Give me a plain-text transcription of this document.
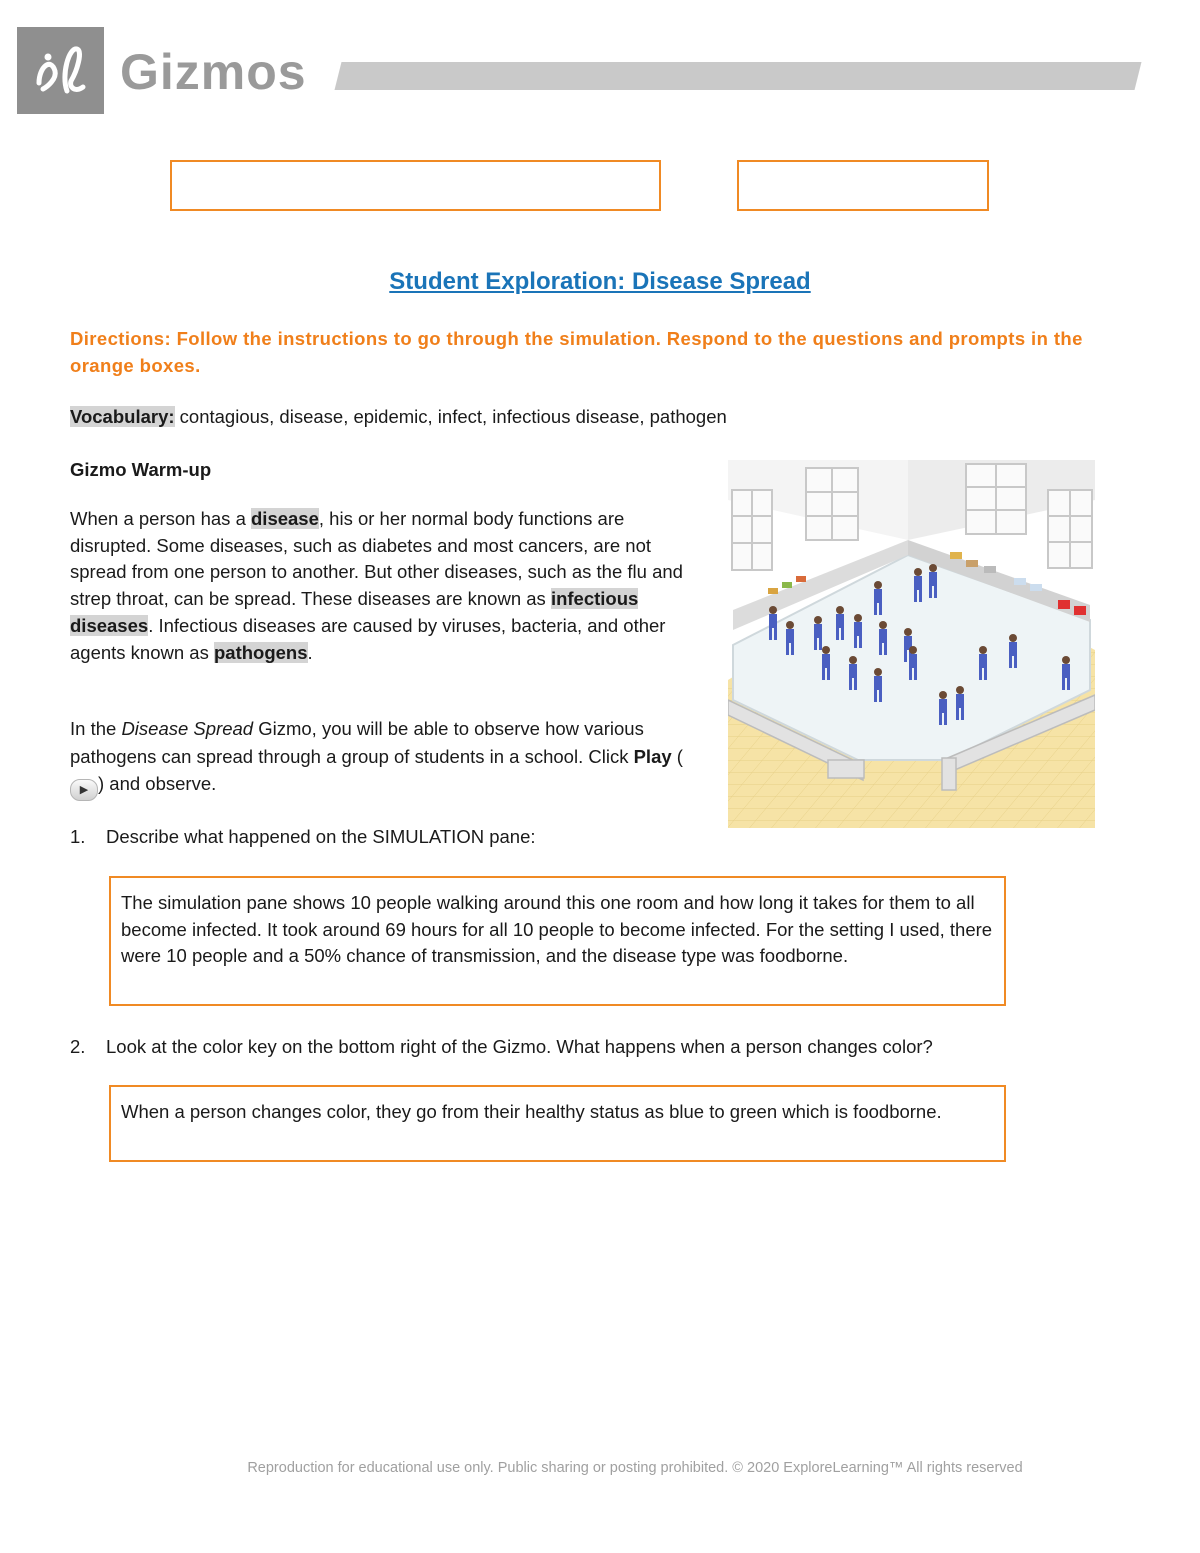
Gizmos
Student Exploration: Disease Spread
Directions: Follow the instructions to go through the simulation. Respond to the questions and prompts in the orange boxes.
Vocabulary: contagious, disease, epidemic, infect, infectious disease, pathogen
Gizmo Warm-up
When a person has a disease, his or her normal body functions are disrupted. Some diseases, such as diabetes and most cancers, are not spread from one person to another. But other diseases, such as the flu and strep throat, can be spread. These diseases are known as infectious diseases. Infectious diseases are caused by viruses, bacteria, and other agents known as pathogens.
In the Disease Spread Gizmo, you will be able to observe how various pathogens can spread through a group of students in a school. Click Play (▶ ) and observe.
1. Describe what happened on the SIMULATION pane:
The simulation pane shows 10 people walking around this one room and how long it takes for them to all become infected. It took around 69 hours for all 10 people to become infected. For the setting I used, there were 10 people and a 50% chance of transmission, and the disease type was foodborne.
2. Look at the color key on the bottom right of the Gizmo. What happens when a person changes color?
When a person changes color, they go from their healthy status as blue to green which is foodborne.
Reproduction for educational use only. Public sharing or posting prohibited. © 2020 ExploreLearning™ All rights reserved
